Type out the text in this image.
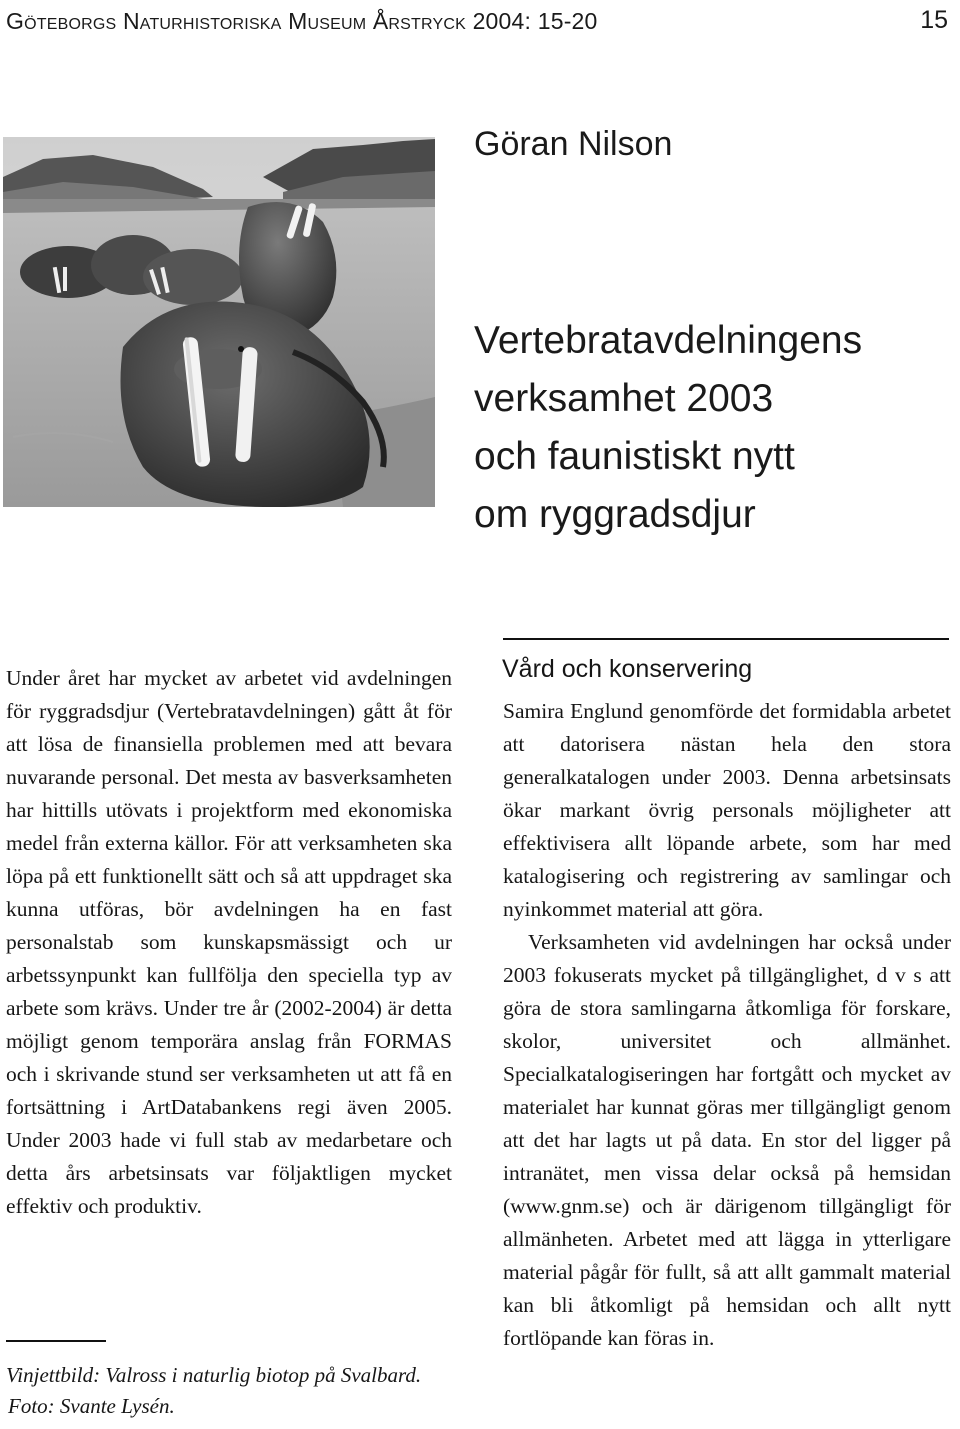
Göteborgs Naturhistoriska Museum Årstryck 2004: 15-20	15
Göran Nilson
Vertebratavdelningens
verksamhet 2003
och faunistiskt nytt
om ryggradsdjur

Under året har mycket av arbetet vid avdelningen för ryggradsdjur (Vertebratavdelningen) gått åt för att lösa de finansiella problemen med att bevara nuvarande personal. Det mesta av basverksamheten har hittills utövats i projektform med ekonomiska medel från externa källor. För att verksamheten ska löpa på ett funktionellt sätt och så att uppdraget ska kunna utföras, bör avdelningen ha en fast personalstab som kunskapsmässigt och ur arbetssynpunkt kan fullfölja den speciella typ av arbete som krävs. Under tre år (2002-2004) är detta möjligt genom temporära anslag från FORMAS och i skrivande stund ser verksamheten ut att få en fortsättning i ArtDatabankens regi även 2005. Under 2003 hade vi full stab av medarbetare och detta års arbetsinsats var följaktligen mycket effektiv och produktiv.

Vård och konservering

Samira Englund genomförde det formidabla arbetet att datorisera nästan hela den stora generalkatalogen under 2003. Denna arbetsinsats ökar markant övrig personals möjligheter att effektivisera allt löpande arbete, som har med katalogisering och registrering av samlingar och nyinkommet material att göra.

Verksamheten vid avdelningen har också under 2003 fokuserats mycket på tillgänglighet, d v s att göra de stora samlingarna åtkomliga för forskare, skolor, universitet och allmänhet. Specialkatalogiseringen har fortgått och mycket av materialet har kunnat göras mer tillgängligt genom att det har lagts ut på data. En stor del ligger på intranätet, men vissa delar också på hemsidan (www.gnm.se) och är därigenom tillgängligt för allmänheten. Arbetet med att lägga in ytterligare material pågår för fullt, så att allt gammalt material kan bli åtkomligt på hemsidan och allt nytt fortlöpande kan föras in.

Vinjettbild: Valross i naturlig biotop på Svalbard.
Foto: Svante Lysén.
